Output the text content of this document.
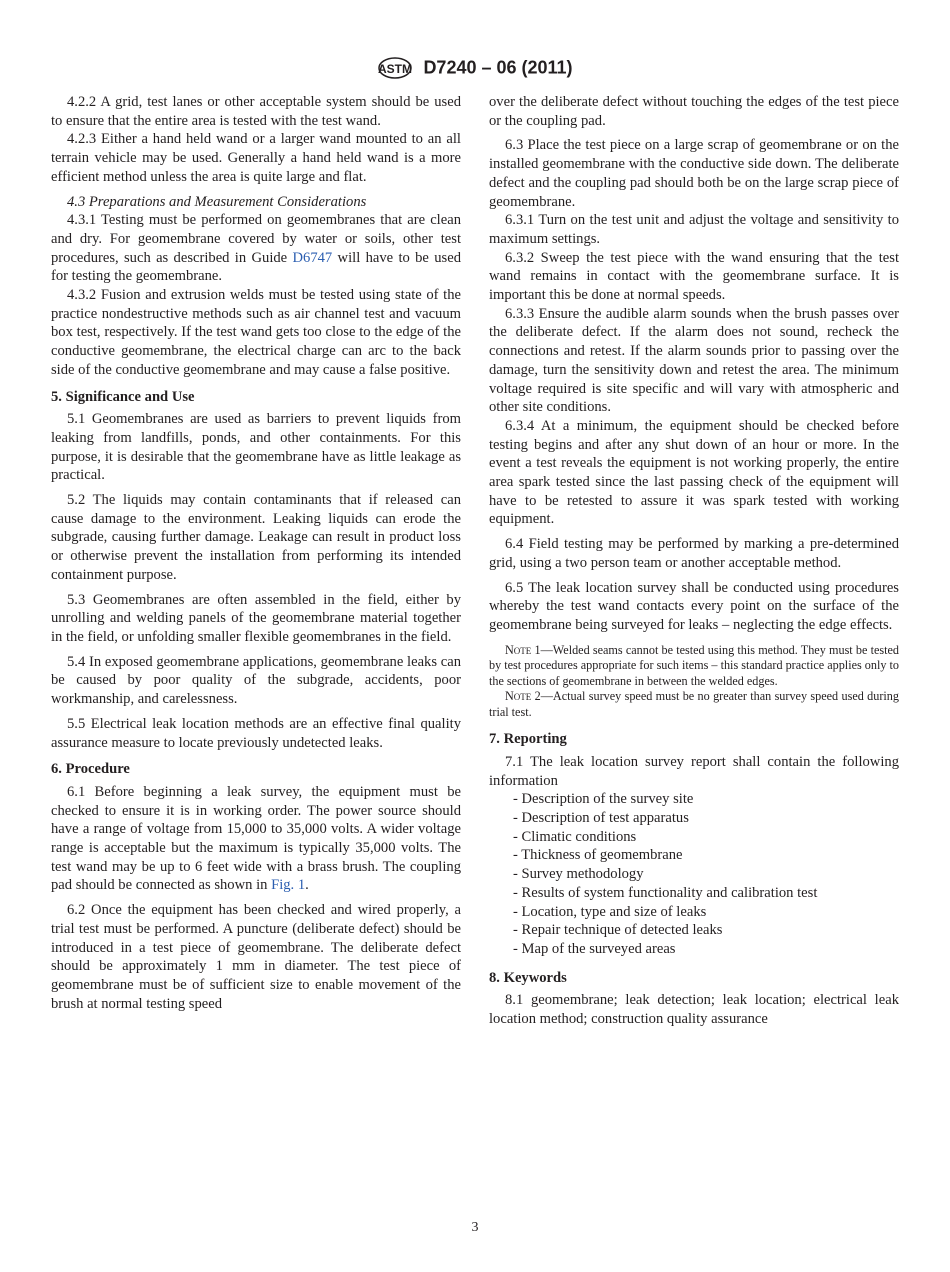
ASTM D7240 – 06 (2011)

4.2.2 A grid, test lanes or other acceptable system should be used to ensure that the entire area is tested with the test wand.

4.2.3 Either a hand held wand or a larger wand mounted to an all terrain vehicle may be used. Generally a hand held wand is a more efficient method unless the area is quite large and flat.

4.3 Preparations and Measurement Considerations

4.3.1 Testing must be performed on geomembranes that are clean and dry. For geomembrane covered by water or soils, other test procedures, such as described in Guide D6747 will have to be used for testing the geomembrane.

4.3.2 Fusion and extrusion welds must be tested using state of the practice nondestructive methods such as air channel test and vacuum box test, respectively. If the test wand gets too close to the edge of the conductive geomembrane, the electrical charge can arc to the back side of the conductive geomembrane and may cause a false positive.

5. Significance and Use

5.1 Geomembranes are used as barriers to prevent liquids from leaking from landfills, ponds, and other containments. For this purpose, it is desirable that the geomembrane have as little leakage as practical.

5.2 The liquids may contain contaminants that if released can cause damage to the environment. Leaking liquids can erode the subgrade, causing further damage. Leakage can result in product loss or otherwise prevent the installation from performing its intended containment purpose.

5.3 Geomembranes are often assembled in the field, either by unrolling and welding panels of the geomembrane material together in the field, or unfolding smaller flexible geomembranes in the field.

5.4 In exposed geomembrane applications, geomembrane leaks can be caused by poor quality of the subgrade, accidents, poor workmanship, and carelessness.

5.5 Electrical leak location methods are an effective final quality assurance measure to locate previously undetected leaks.

6. Procedure

6.1 Before beginning a leak survey, the equipment must be checked to ensure it is in working order. The power source should have a range of voltage from 15,000 to 35,000 volts. A wider voltage range is acceptable but the maximum is typically 35,000 volts. The test wand may be up to 6 feet wide with a brass brush. The coupling pad should be connected as shown in Fig. 1.

6.2 Once the equipment has been checked and wired properly, a trial test must be performed. A puncture (deliberate defect) should be introduced in a test piece of geomembrane. The deliberate defect should be approximately 1 mm in diameter. The test piece of geomembrane must be of sufficient size to enable movement of the brush at normal testing speed

over the deliberate defect without touching the edges of the test piece or the coupling pad.

6.3 Place the test piece on a large scrap of geomembrane or on the installed geomembrane with the conductive side down. The deliberate defect and the coupling pad should both be on the large scrap piece of geomembrane.

6.3.1 Turn on the test unit and adjust the voltage and sensitivity to maximum settings.

6.3.2 Sweep the test piece with the wand ensuring that the test wand remains in contact with the geomembrane surface. It is important this be done at normal speeds.

6.3.3 Ensure the audible alarm sounds when the brush passes over the deliberate defect. If the alarm does not sound, recheck the connections and retest. If the alarm sounds prior to passing over the damage, turn the sensitivity down and retest the area. The minimum voltage required is site specific and will vary with atmospheric and other site conditions.

6.3.4 At a minimum, the equipment should be checked before testing begins and after any shut down of an hour or more. In the event a test reveals the equipment is not working properly, the entire area spark tested since the last passing check of the equipment will have to be retested to assure it was spark tested with working equipment.

6.4 Field testing may be performed by marking a pre-determined grid, using a two person team or another acceptable method.

6.5 The leak location survey shall be conducted using procedures whereby the test wand contacts every point on the surface of the geomembrane being surveyed for leaks – neglecting the edge effects.

Note 1—Welded seams cannot be tested using this method. They must be tested by test procedures appropriate for such items – this standard practice applies only to the sections of geomembrane in between the welded edges.

Note 2—Actual survey speed must be no greater than survey speed used during trial test.

7. Reporting

7.1 The leak location survey report shall contain the following information

- Description of the survey site
- Description of test apparatus
- Climatic conditions
- Thickness of geomembrane
- Survey methodology
- Results of system functionality and calibration test
- Location, type and size of leaks
- Repair technique of detected leaks
- Map of the surveyed areas
8. Keywords

8.1 geomembrane; leak detection; leak location; electrical leak location method; construction quality assurance

3
